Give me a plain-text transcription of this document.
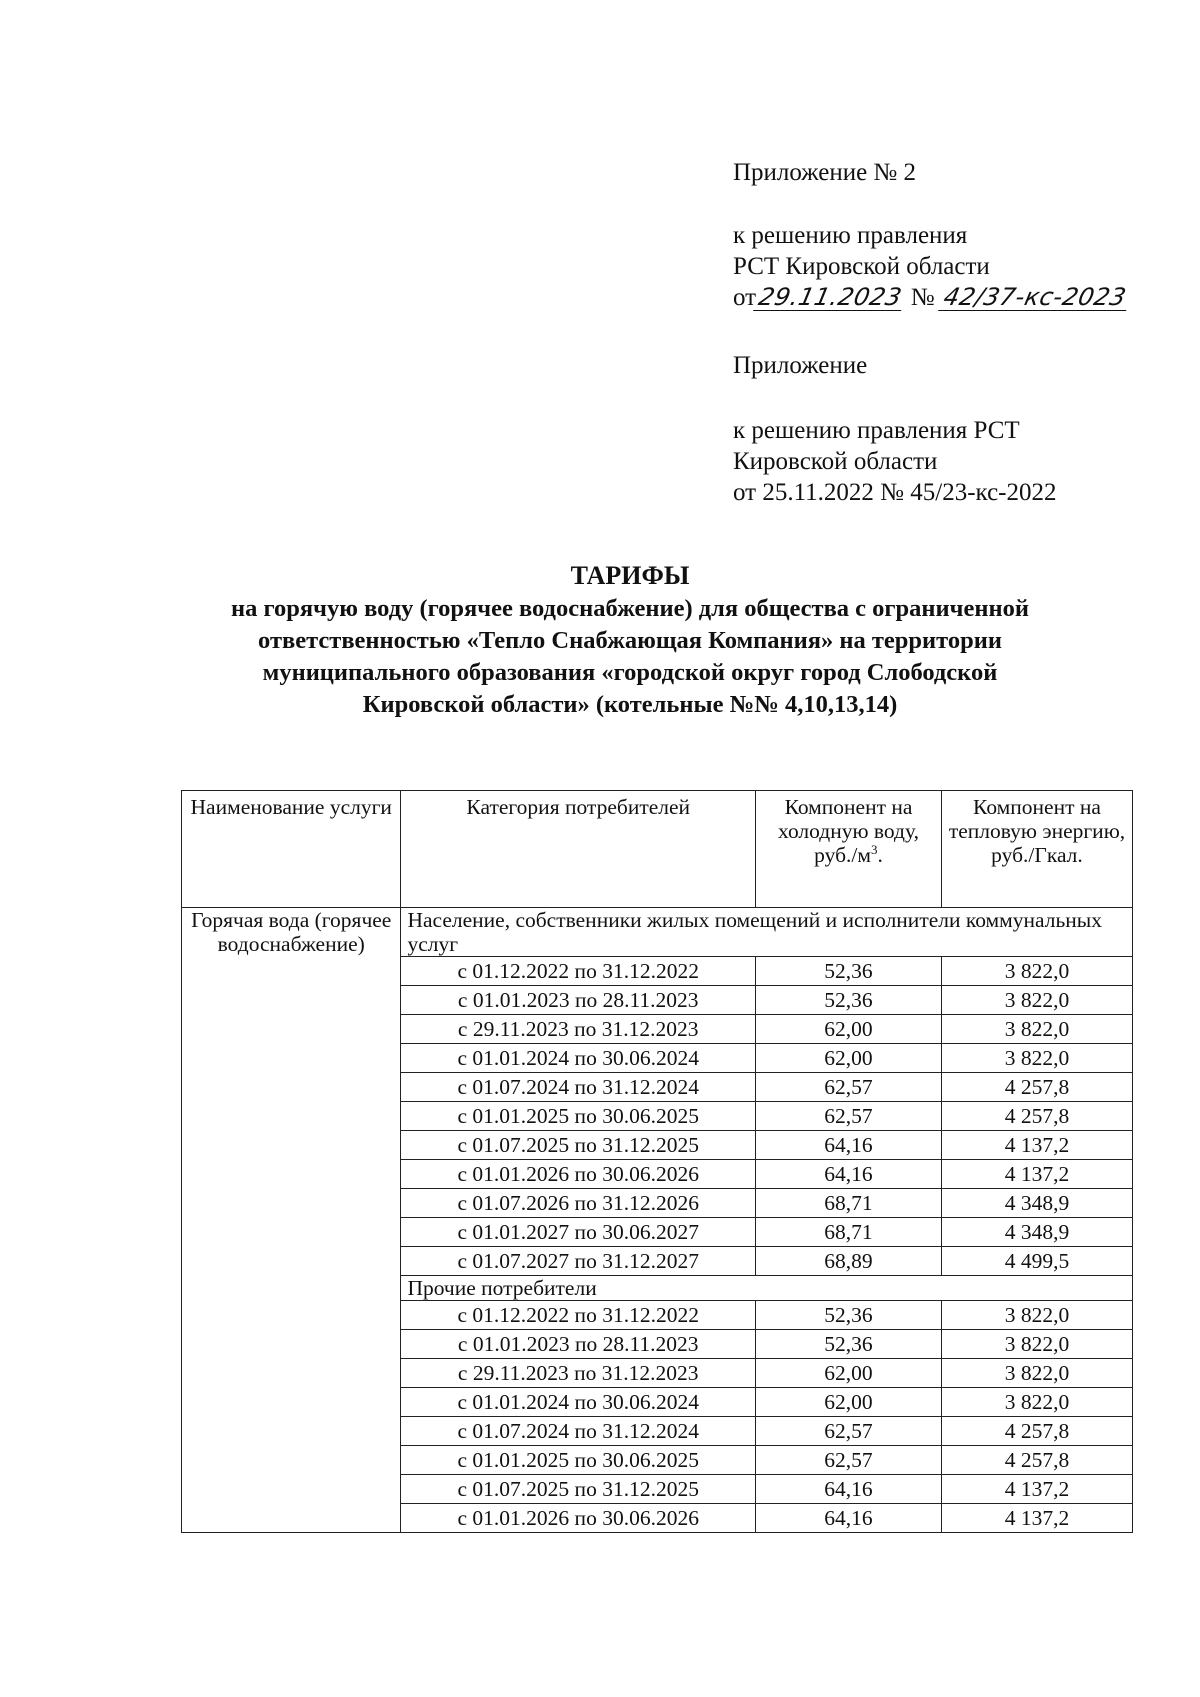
Приложение № 2

к решению правления

РСТ Кировской области

от29.11.2023 № 42/37-кс-2023

Приложение

к решению правления РСТ

Кировской области

от 25.11.2022 № 45/23-кс-2022

ТАРИФЫ

на горячую воду (горячее водоснабжение) для общества с ограниченной

ответственностью «Тепло Снабжающая Компания» на территории

муниципального образования «городской округ город Слободской

Кировской области» (котельные №№ 4,10,13,14)

Наименование услуги	Категория потребителей	Компонент на холодную воду, $руб./м^3$.	Компонент на тепловую энергию, руб./Гкал.
Горячая вода (горячее водоснабжение)	Население, собственники жилых помещений и исполнители коммунальных услуг		
	с 01.12.2022 по 31.12.2022	52,36	3 822,0
	с 01.01.2023 по 28.11.2023	52,36	3 822,0
	с 29.11.2023 по 31.12.2023	62,00	3 822,0
	с 01.01.2024 по 30.06.2024	62,00	3 822,0
	с 01.07.2024 по 31.12.2024	62,57	4 257,8
	с 01.01.2025 по 30.06.2025	62,57	4 257,8
	с 01.07.2025 по 31.12.2025	64,16	4 137,2
	с 01.01.2026 по 30.06.2026	64,16	4 137,2
	с 01.07.2026 по 31.12.2026	68,71	4 348,9
	с 01.01.2027 по 30.06.2027	68,71	4 348,9
	с 01.07.2027 по 31.12.2027	68,89	4 499,5
	Прочие потребители		
	с 01.12.2022 по 31.12.2022	52,36	3 822,0
	с 01.01.2023 по 28.11.2023	52,36	3 822,0
	с 29.11.2023 по 31.12.2023	62,00	3 822,0
	с 01.01.2024 по 30.06.2024	62,00	3 822,0
	с 01.07.2024 по 31.12.2024	62,57	4 257,8
	с 01.01.2025 по 30.06.2025	62,57	4 257,8
	с 01.07.2025 по 31.12.2025	64,16	4 137,2
	с 01.01.2026 по 30.06.2026	64,16	4 137,2
